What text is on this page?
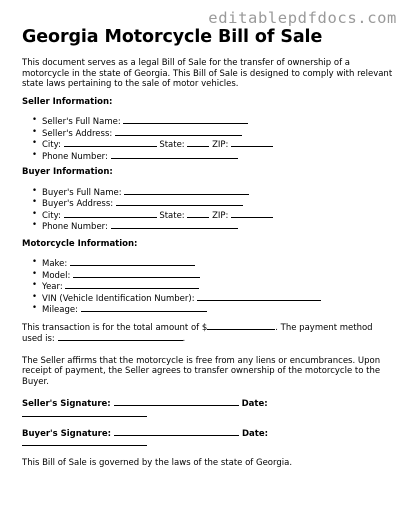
editablepdfdocs.com
Georgia Motorcycle Bill of Sale

This document serves as a legal Bill of Sale for the transfer of ownership of a motorcycle in the state of Georgia. This Bill of Sale is designed to comply with relevant state laws pertaining to the sale of motor vehicles.

Seller Information:
• Seller's Full Name:
• Seller's Address:
• City:	State:	ZIP:
• Phone Number:
Buyer Information:
• Buyer's Full Name:
• Buyer's Address:
• City:	State:	ZIP:
• Phone Number:
Motorcycle Information:
• Make:
• Model:
• Year:
• VIN (Vehicle Identification Number):
• Mileage:

This transaction is for the total amount of $	. The payment method used is:	.

The Seller affirms that the motorcycle is free from any liens or encumbrances. Upon receipt of payment, the Seller agrees to transfer ownership of the motorcycle to the Buyer.

Seller's Signature:	Date:
Buyer's Signature:	Date:

This Bill of Sale is governed by the laws of the state of Georgia.
